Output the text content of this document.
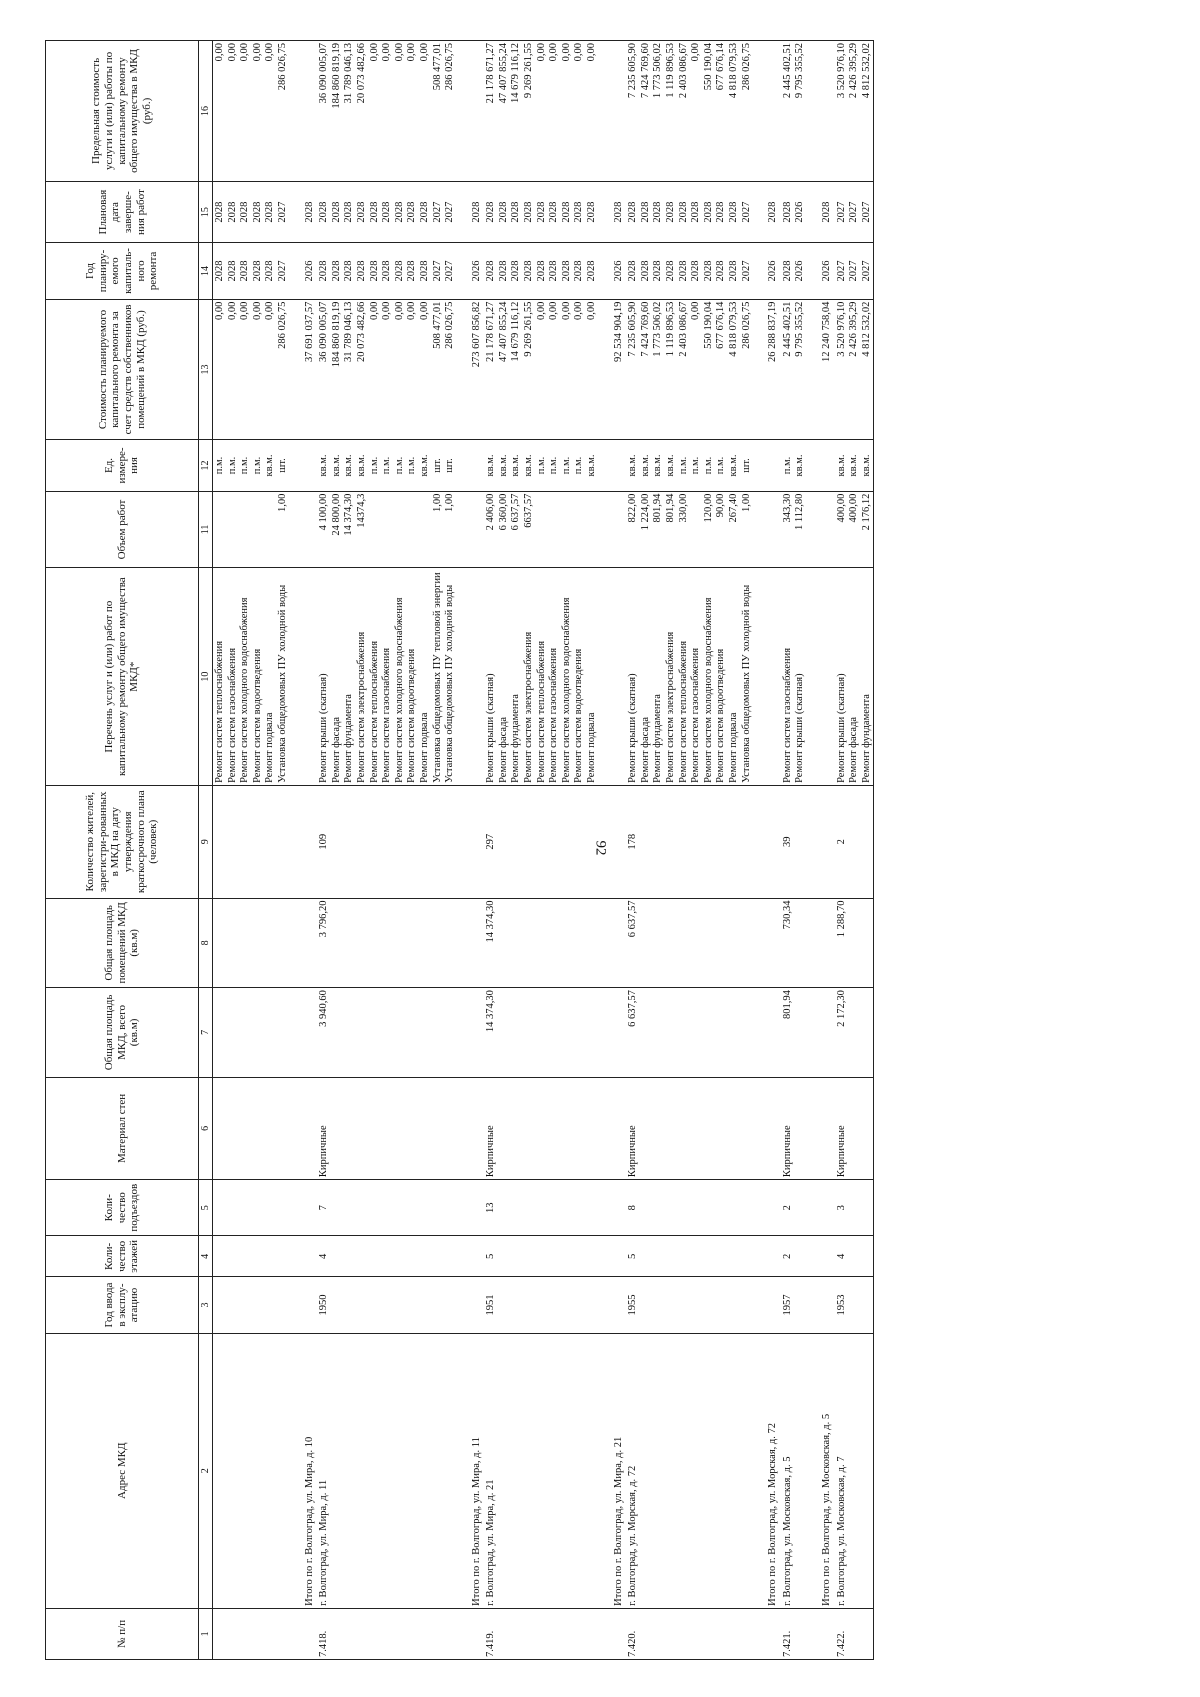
92
№ п/п	Адрес МКД	Год ввода в эксплу-атацию	Коли-чество этажей	Коли-чество подъездов	Материал стен	Общая площадь МКД, всего (кв.м)	Общая площадь помещений МКД (кв.м)	Количество жителей, зарегистри-рованных в МКД на дату утверждения краткосрочного плана (человек)	Перечень услуг и (или) работ по капитальному ремонту общего имущества МКД*	Объем работ	Ед. измере-ния	Стоимость планируемого капитального ремонта за счет средств собственников помещений в МКД (руб.)	Год планиру-емого капиталь-ного ремонта	Плановая дата заверше-ния работ	Предельная стоимость услуги и (или) работы по капитальному ремонту общего имущества в МКД (руб.)
1	2	3	4	5	6	7	8	9	10	11	12	13	14	15	16
									Ремонт систем теплоснабжения		п.м.	0,00	2028	2028	0,00
									Ремонт систем газоснабжения		п.м.	0,00	2028	2028	0,00
									Ремонт систем холодного водоснабжения		п.м.	0,00	2028	2028	0,00
									Ремонт систем водоотведения		п.м.	0,00	2028	2028	0,00
									Ремонт подвала		кв.м.	0,00	2028	2028	0,00
									Установка общедомовых ПУ холодной воды	1,00	шт.	286 026,75	2027	2027	286 026,75
	Итого по г. Волгоград, ул. Мира, д. 10											37 691 037,57	2026	2028	
7.418.	г. Волгоград, ул. Мира, д. 11	1950	4	7	Кирпичные	3 940,60	3 796,20	109	Ремонт крыши (скатная)	4 100,00	кв.м.	36 090 005,07	2028	2028	36 090 005,07
									Ремонт фасада	24 800,00	кв.м.	184 860 819,19	2028	2028	184 860 819,19
									Ремонт фундамента	14 374,30	кв.м.	31 789 046,13	2028	2028	31 789 046,13
									Ремонт систем электроснабжения	14374,3	кв.м.	20 073 482,66	2028	2028	20 073 482,66
									Ремонт систем теплоснабжения		п.м.	0,00	2028	2028	0,00
									Ремонт систем газоснабжения		п.м.	0,00	2028	2028	0,00
									Ремонт систем холодного водоснабжения		п.м.	0,00	2028	2028	0,00
									Ремонт систем водоотведения		п.м.	0,00	2028	2028	0,00
									Ремонт подвала		кв.м.	0,00	2028	2028	0,00
									Установка общедомовых ПУ тепловой энергии	1,00	шт.	508 477,01	2027	2027	508 477,01
									Установка общедомовых ПУ холодной воды	1,00	шт.	286 026,75	2027	2027	286 026,75
	Итого по г. Волгоград, ул. Мира, д. 11											273 607 856,82	2026	2028	
7.419.	г. Волгоград, ул. Мира, д. 21	1951	5	13	Кирпичные	14 374,30	14 374,30	297	Ремонт крыши (скатная)	2 406,00	кв.м.	21 178 671,27	2028	2028	21 178 671,27
									Ремонт фасада	6 360,00	кв.м.	47 407 855,24	2028	2028	47 407 855,24
									Ремонт фундамента	6 637,57	кв.м.	14 679 116,12	2028	2028	14 679 116,12
									Ремонт систем электроснабжения	6637,57	кв.м.	9 269 261,55	2028	2028	9 269 261,55
									Ремонт систем теплоснабжения		п.м.	0,00	2028	2028	0,00
									Ремонт систем газоснабжения		п.м.	0,00	2028	2028	0,00
									Ремонт систем холодного водоснабжения		п.м.	0,00	2028	2028	0,00
									Ремонт систем водоотведения		п.м.	0,00	2028	2028	0,00
									Ремонт подвала		кв.м.	0,00	2028	2028	0,00
	Итого по г. Волгоград, ул. Мира, д. 21											92 534 904,19	2026	2028	
7.420.	г. Волгоград, ул. Морская, д. 72	1955	5	8	Кирпичные	6 637,57	6 637,57	178	Ремонт крыши (скатная)	822,00	кв.м.	7 235 605,90	2028	2028	7 235 605,90
									Ремонт фасада	1 224,00	кв.м.	7 424 769,60	2028	2028	7 424 769,60
									Ремонт фундамента	801,94	кв.м.	1 773 506,02	2028	2028	1 773 506,02
									Ремонт систем электроснабжения	801,94	кв.м.	1 119 896,53	2028	2028	1 119 896,53
									Ремонт систем теплоснабжения	330,00	п.м.	2 403 086,67	2028	2028	2 403 086,67
									Ремонт систем газоснабжения		п.м.	0,00	2028	2028	0,00
									Ремонт систем холодного водоснабжения	120,00	п.м.	550 190,04	2028	2028	550 190,04
									Ремонт систем водоотведения	90,00	п.м.	677 676,14	2028	2028	677 676,14
									Ремонт подвала	267,40	кв.м.	4 818 079,53	2028	2028	4 818 079,53
									Установка общедомовых ПУ холодной воды	1,00	шт.	286 026,75	2027	2027	286 026,75
	Итого по г. Волгоград, ул. Морская, д. 72											26 288 837,19	2026	2028	
7.421.	г. Волгоград, ул. Московская, д. 5	1957	2	2	Кирпичные	801,94	730,34	39	Ремонт систем газоснабжения	343,30	п.м.	2 445 402,51	2028	2028	2 445 402,51
									Ремонт крыши (скатная)	1 112,80	кв.м.	9 795 355,52	2026	2026	9 795 355,52
	Итого по г. Волгоград, ул. Московская, д. 5											12 240 758,04	2026	2028	
7.422.	г. Волгоград, ул. Московская, д. 7	1953	4	3	Кирпичные	2 172,30	1 288,70	2	Ремонт крыши (скатная)	400,00	кв.м.	3 520 976,10	2027	2027	3 520 976,10
									Ремонт фасада	400,00	кв.м.	2 426 395,29	2027	2027	2 426 395,29
									Ремонт фундамента	2 176,12	кв.м.	4 812 532,02	2027	2027	4 812 532,02
